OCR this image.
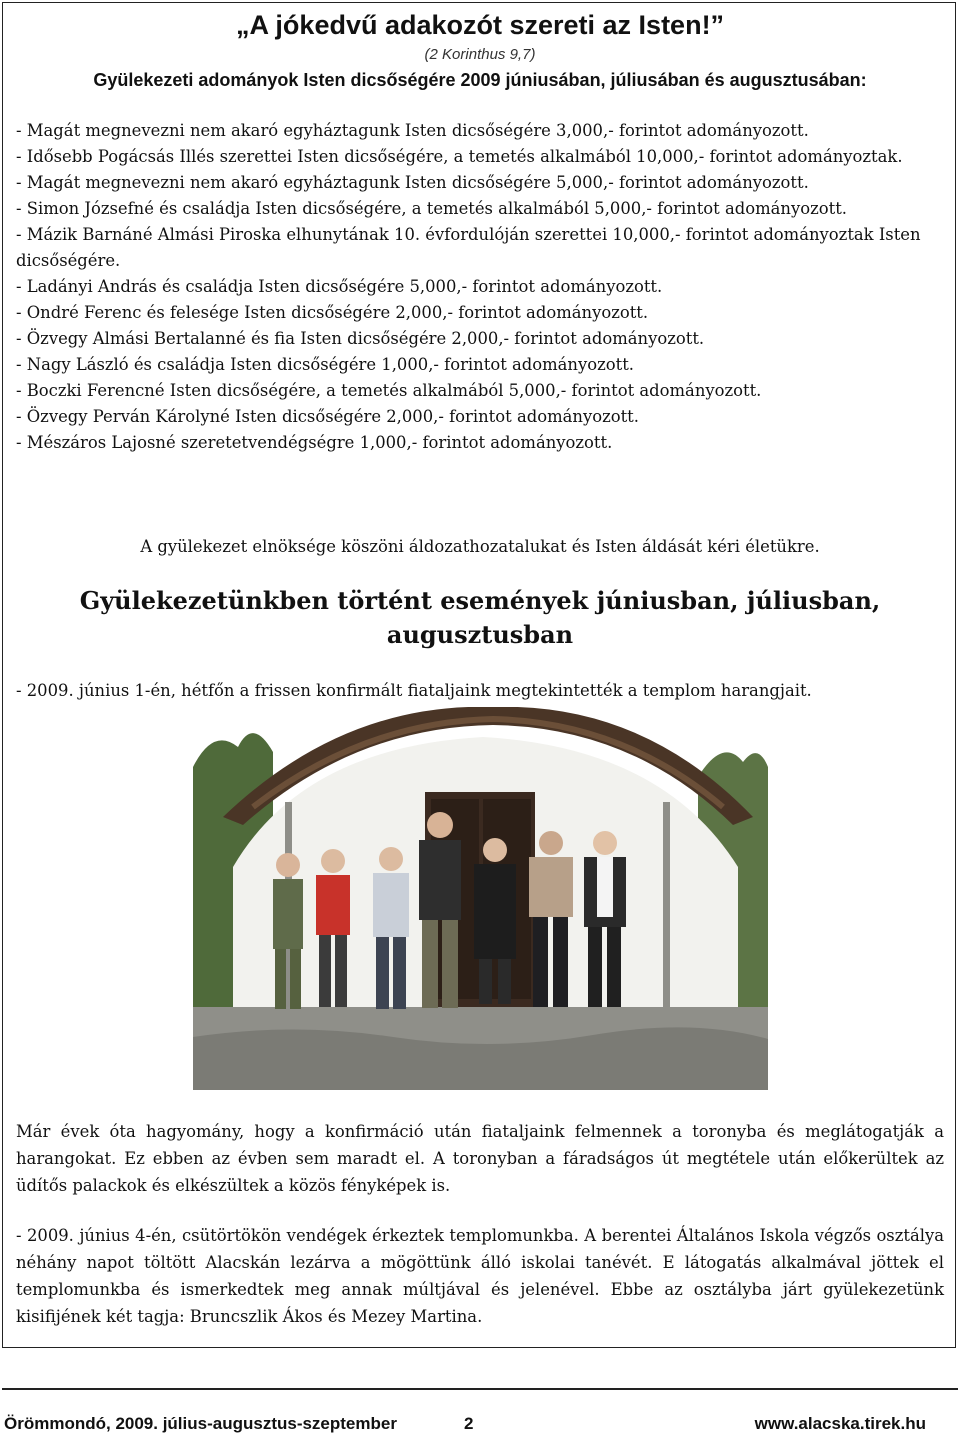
„A jókedvű adakozót szereti az Isten!”
(2 Korinthus 9,7)
Gyülekezeti adományok Isten dicsőségére 2009 júniusában, júliusában és augusztusában:

- Magát megnevezni nem akaró egyháztagunk Isten dicsőségére 3,000,- forintot adományozott.

- Idősebb Pogácsás Illés szerettei Isten dicsőségére, a temetés alkalmából 10,000,- forintot adományoztak.

- Magát megnevezni nem akaró egyháztagunk Isten dicsőségére 5,000,- forintot adományozott.

- Simon Józsefné és családja Isten dicsőségére, a temetés alkalmából 5,000,- forintot adományozott.

- Mázik Barnáné Almási Piroska elhunytának 10. évfordulóján szerettei 10,000,- forintot adományoztak Isten dicsőségére.

- Ladányi András és családja Isten dicsőségére 5,000,- forintot adományozott.

- Ondré Ferenc és felesége Isten dicsőségére 2,000,- forintot adományozott.

- Özvegy Almási Bertalanné és fia Isten dicsőségére 2,000,- forintot adományozott.

- Nagy László és családja Isten dicsőségére 1,000,- forintot adományozott.

- Boczki Ferencné Isten dicsőségére, a temetés alkalmából 5,000,- forintot adományozott.

- Özvegy Perván Károlyné Isten dicsőségére 2,000,- forintot adományozott.

- Mészáros Lajosné szeretetvendégségre 1,000,- forintot adományozott.

A gyülekezet elnöksége köszöni áldozathozatalukat és Isten áldását kéri életükre.
Gyülekezetünkben történt események júniusban, júliusban,
augusztusban
- 2009. június 1-én, hétfőn a frissen konfirmált fiataljaink megtekintették a templom harangjait.

Már évek óta hagyomány, hogy a konfirmáció után fiataljaink felmennek a toronyba és meglátogatják a harangokat. Ez ebben az évben sem maradt el. A toronyban a fáradságos út megtétele után előkerültek az üdítős palackok és elkészültek a közös fényképek is.

- 2009. június 4-én, csütörtökön vendégek érkeztek templomunkba. A berentei Általános Iskola végzős osztálya néhány napot töltött Alacskán lezárva a mögöttünk álló iskolai tanévét. E látogatás alkalmával jöttek el templomunkba és ismerkedtek meg annak múltjával és jelenével. Ebbe az osztályba járt gyülekezetünk kisifijének két tagja: Bruncszlik Ákos és Mezey Martina.

Örömmondó, 2009. július-augusztus-szeptember	2	www.alacska.tirek.hu
